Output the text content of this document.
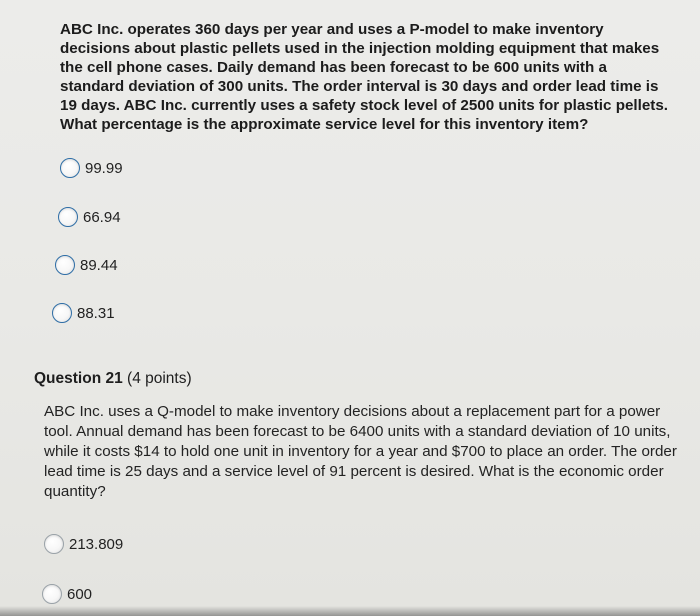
ABC Inc. operates 360 days per year and uses a P-model to make inventory decisions about plastic pellets used in the injection molding equipment that makes the cell phone cases. Daily demand has been forecast to be 600 units with a standard deviation of 300 units. The order interval is 30 days and order lead time is 19 days. ABC Inc. currently uses a safety stock level of 2500 units for plastic pellets. What percentage is the approximate service level for this inventory item?
99.99
66.94
89.44
88.31
Question 21 (4 points)
ABC Inc. uses a Q-model to make inventory decisions about a replacement part for a power tool. Annual demand has been forecast to be 6400 units with a standard deviation of 10 units, while it costs $14 to hold one unit in inventory for a year and $700 to place an order. The order lead time is 25 days and a service level of 91 percent is desired. What is the economic order quantity?
213.809
600
